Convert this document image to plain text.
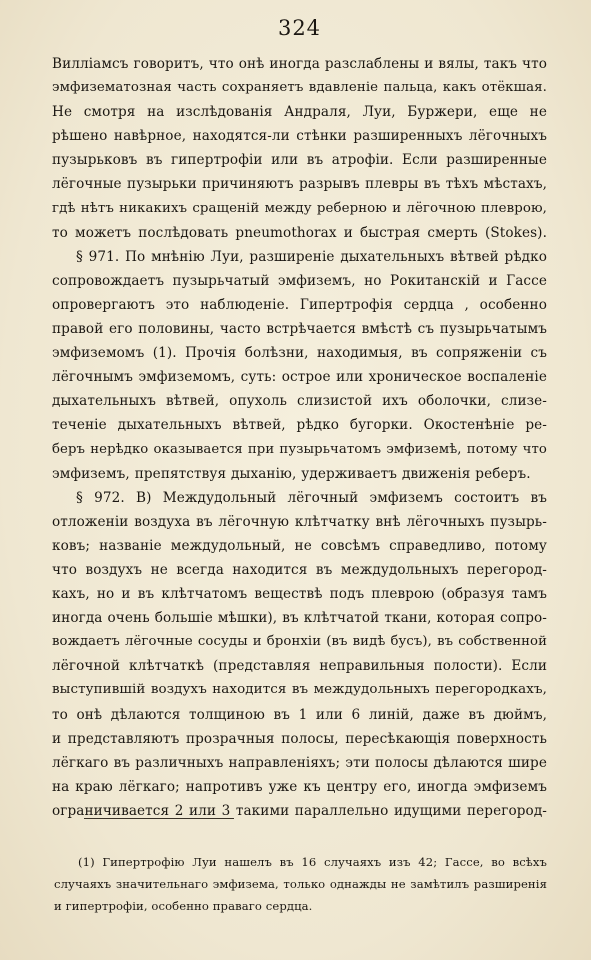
324
Вилліамсъ говоритъ, что онѣ иногда разслаблены и вялы, такъ что
эмфизематозная часть сохраняетъ вдавленіе пальца, какъ отёкшая.
Не смотря на изслѣдованія Андраля, Луи, Буржери, еще не
рѣшено навѣрное, находятся-ли стѣнки разширенныхъ лёгочныхъ
пузырьковъ въ гипертрофіи или въ атрофіи. Если разширенные
лёгочные пузырьки причиняютъ разрывъ плевры въ тѣхъ мѣстахъ,
гдѣ нѣтъ никакихъ сращеній между реберною и лёгочною плеврою,
то можетъ послѣдовать pneumothorax и быстрая смерть (Stokes).
§ 971. По мнѣнію Луи, разширеніе дыхательныхъ вѣтвей рѣдко
сопровождаетъ пузырьчатый эмфиземъ, но Рокитанскій и Гассе
опровергаютъ это наблюденіе. Гипертрофія сердца , особенно
правой его половины, часто встрѣчается вмѣстѣ съ пузырьчатымъ
эмфиземомъ (1). Прочія болѣзни, находимыя, въ сопряженіи съ
лёгочнымъ эмфиземомъ, суть: острое или хроническое воспаленіе
дыхательныхъ вѣтвей, опухоль слизистой ихъ оболочки, слизе-
теченіе дыхательныхъ вѣтвей, рѣдко бугорки. Окостенѣніе ре-
беръ нерѣдко оказывается при пузырьчатомъ эмфиземѣ, потому что
эмфиземъ, препятствуя дыханію, удерживаетъ движенія реберъ.
§ 972. В) Междудольный лёгочный эмфиземъ состоитъ въ
отложеніи воздуха въ лёгочную клѣтчатку внѣ лёгочныхъ пузырь-
ковъ; названіе междудольный, не совсѣмъ справедливо, потому
что воздухъ не всегда находится въ междудольныхъ перегород-
кахъ, но и въ клѣтчатомъ веществѣ подъ плеврою (образуя тамъ
иногда очень большіе мѣшки), въ клѣтчатой ткани, которая сопро-
вождаетъ лёгочные сосуды и бронхіи (въ видѣ бусъ), въ собственной
лёгочной клѣтчаткѣ (представляя неправильныя полости). Если
выступившій воздухъ находится въ междудольныхъ перегородкахъ,
то онѣ дѣлаются толщиною въ 1 или 6 линій, даже въ дюймъ,
и представляютъ прозрачныя полосы, пересѣкающія поверхность
лёгкаго въ различныхъ направленіяхъ; эти полосы дѣлаются шире
на краю лёгкаго; напротивъ уже къ центру его, иногда эмфиземъ
ограничивается 2 или 3 такими параллельно идущими перегород-
(1) Гипертрофію Луи нашелъ въ 16 случаяхъ изъ 42; Гассе, во всѣхъ
случаяхъ значительнаго эмфизема, только однажды не замѣтилъ разширенія
и гипертрофіи, особенно праваго сердца.
